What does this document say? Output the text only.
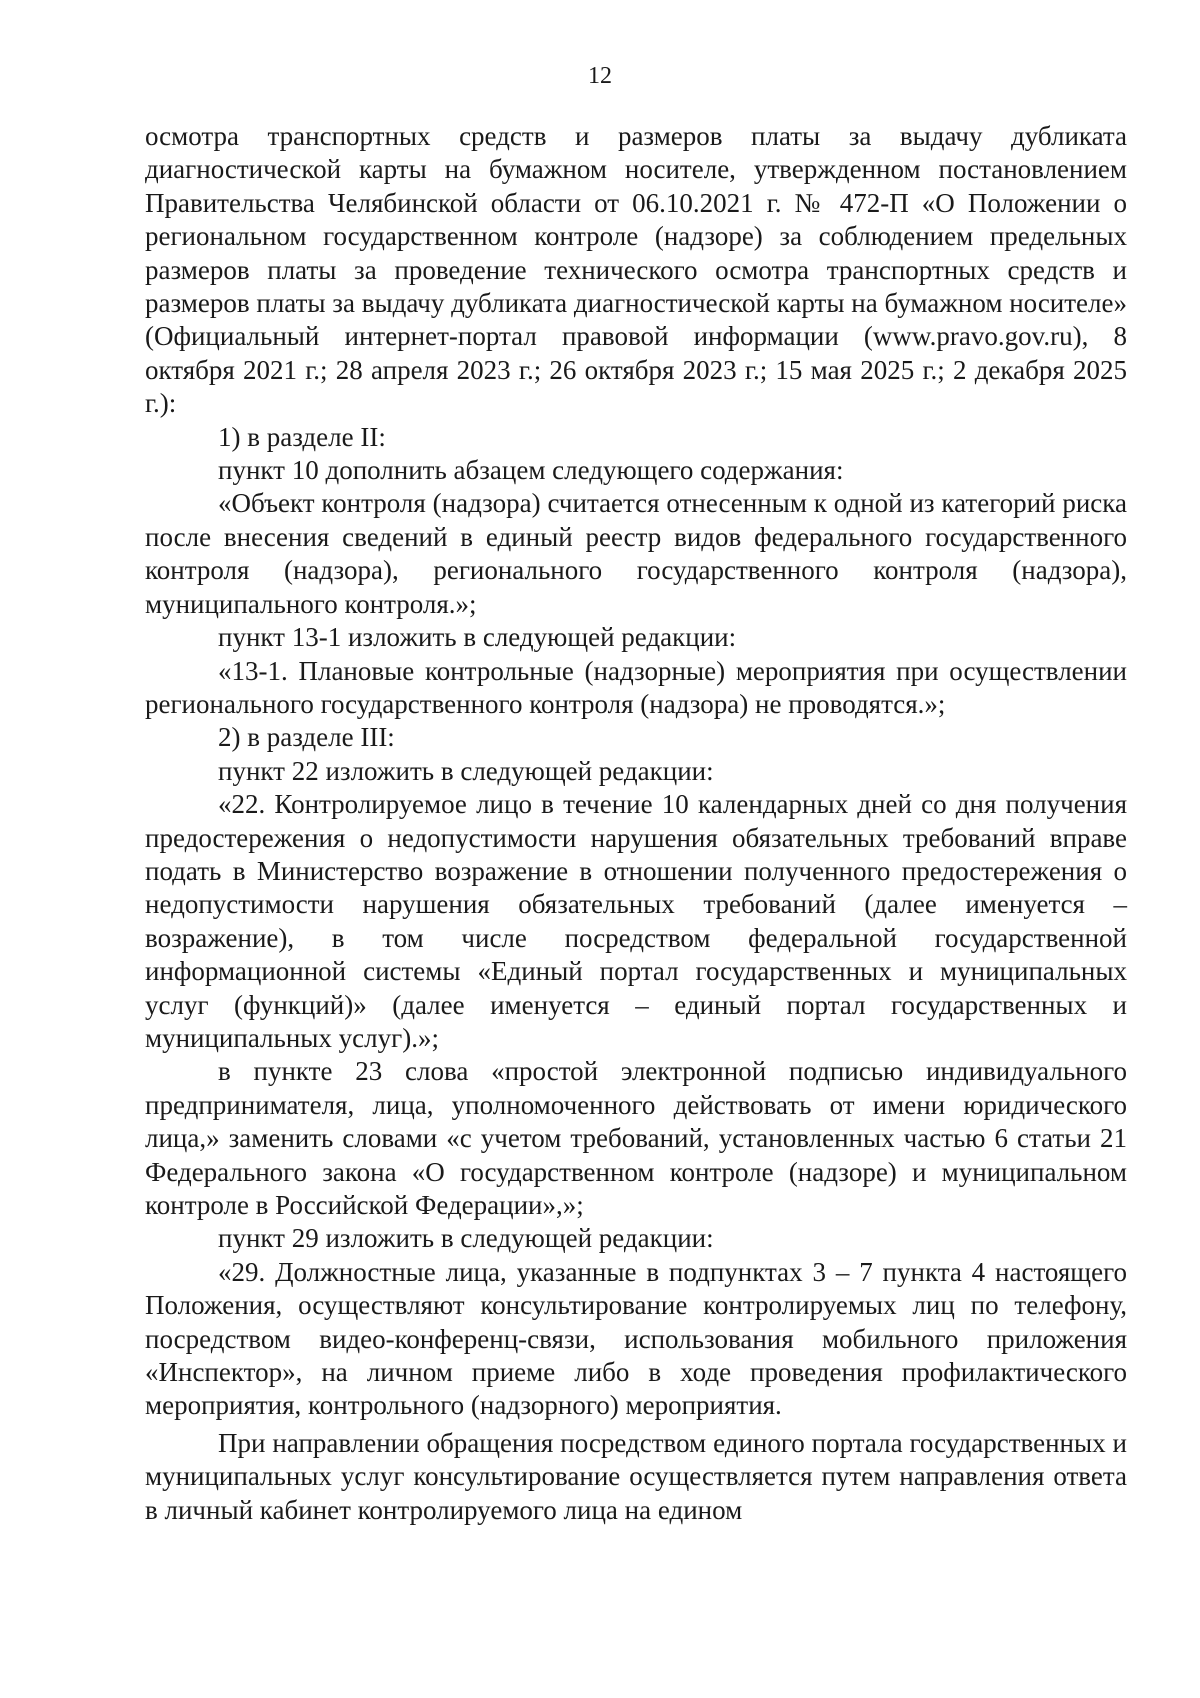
12

осмотра транспортных средств и размеров платы за выдачу дубликата диагностической карты на бумажном носителе, утвержденном постановлением Правительства Челябинской области от 06.10.2021 г. № 472-П «О Положении о региональном государственном контроле (надзоре) за соблюдением предельных размеров платы за проведение технического осмотра транспортных средств и размеров платы за выдачу дубликата диагностической карты на бумажном носителе» (Официальный интернет-портал правовой информации (www.pravo.gov.ru), 8 октября 2021 г.; 28 апреля 2023 г.; 26 октября 2023 г.; 15 мая 2025 г.; 2 декабря 2025 г.):

1) в разделе II:

пункт 10 дополнить абзацем следующего содержания:

«Объект контроля (надзора) считается отнесенным к одной из категорий риска после внесения сведений в единый реестр видов федерального государственного контроля (надзора), регионального государственного контроля (надзора), муниципального контроля.»;

пункт 13-1 изложить в следующей редакции:

«13-1. Плановые контрольные (надзорные) мероприятия при осуществлении регионального государственного контроля (надзора) не проводятся.»;

2) в разделе III:

пункт 22 изложить в следующей редакции:

«22. Контролируемое лицо в течение 10 календарных дней со дня получения предостережения о недопустимости нарушения обязательных требований вправе подать в Министерство возражение в отношении полученного предостережения о недопустимости нарушения обязательных требований (далее именуется – возражение), в том числе посредством федеральной государственной информационной системы «Единый портал государственных и муниципальных услуг (функций)» (далее именуется – единый портал государственных и муниципальных услуг).»;

в пункте 23 слова «простой электронной подписью индивидуального предпринимателя, лица, уполномоченного действовать от имени юридического лица,» заменить словами «с учетом требований, установленных частью 6 статьи 21 Федерального закона «О государственном контроле (надзоре) и муниципальном контроле в Российской Федерации»,»;

пункт 29 изложить в следующей редакции:

«29. Должностные лица, указанные в подпунктах 3 – 7 пункта 4 настоящего Положения, осуществляют консультирование контролируемых лиц по телефону, посредством видео-конференц-связи, использования мобильного приложения «Инспектор», на личном приеме либо в ходе проведения профилактического мероприятия, контрольного (надзорного) мероприятия.

При направлении обращения посредством единого портала государственных и муниципальных услуг консультирование осуществляется путем направления ответа в личный кабинет контролируемого лица на едином
